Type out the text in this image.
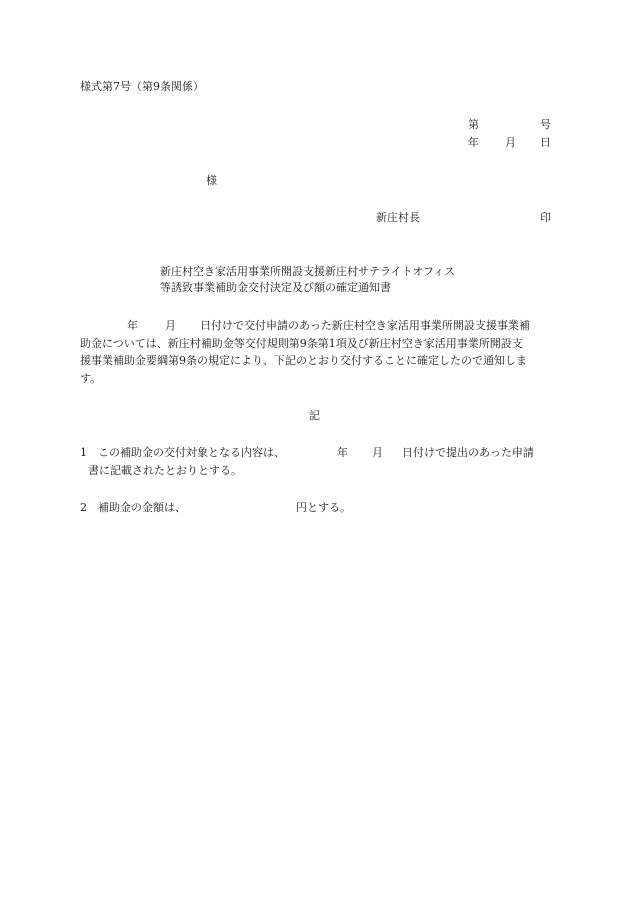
様式第7号（第9条関係）
第	号
年 月 日
様
新庄村長	印
新庄村空き家活用事業所開設支援新庄村サテライトオフィス
等誘致事業補助金交付決定及び額の確定通知書
年 月 日付けで交付申請のあった新庄村空き家活用事業所開設支援事業補
助金については、新庄村補助金等交付規則第9条第1項及び新庄村空き家活用事業所開設支
援事業補助金要綱第9条の規定により、下記のとおり交付することに確定したので通知しま
す。
記
1 この補助金の交付対象となる内容は、	年 月 日付けで提出のあった申請
書に記載されたとおりとする。
2 補助金の金額は、	円とする。
